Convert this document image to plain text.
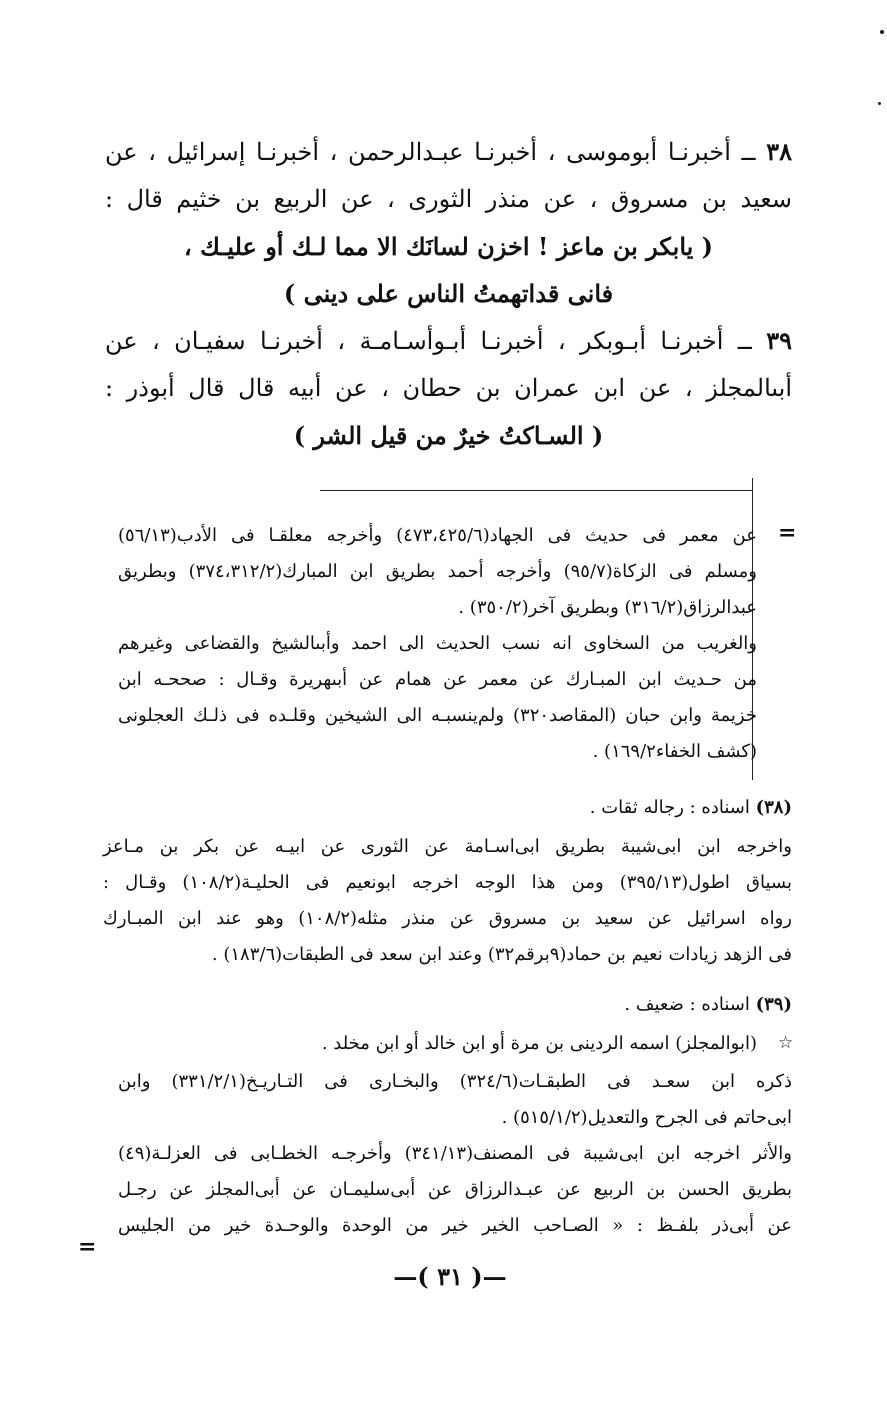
٣٨ ــ أخبرنـا أبوموسى ، أخبرنـا عبـدالرحمن ، أخبرنـا إسرائيل ، عن
سعيد بن مسروق ، عن منذر الثورى ، عن الربيع بن خثيم قال :
( يابكر بن ماعز ! اخزن لسانَك الا مما لـك أو عليـك ،
فانى قداتهمتُ الناس على دينى )
٣٩ ــ أخبرنـا أبـوبكر ، أخبرنـا أبـوأسـامـة ، أخبرنـا سفيـان ، عن
أبىالمجلز ، عن ابن عمران بن حطان ، عن أبيه قال قال أبوذر :
( السـاكتُ خيرٌ من قيل الشر )
=
=
عن معمر فى حديث فى الجهاد(٤٧٣،٤٢٥/٦) وأخرجه معلقـا فى الأدب(٥٦/١٣)
ومسلم فى الزكاة(٩٥/٧) وأخرجه أحمد بطريق ابن المبارك(٣٧٤،٣١٢/٢) وبطريق
عبدالرزاق(٣١٦/٢) وبطريق آخر(٣٥٠/٢) .
والغريب من السخاوى انه نسب الحديث الى احمد وأبىالشيخ والقضاعى وغيرهم
من حـديث ابن المبـارك عن معمر عن همام عن أبىهريرة وقـال : صححـه ابن
خزيمة وابن حبان (المقاصد٣٢٠) ولم‌ينسبـه الى الشيخين وقلـده فى ذلـك العجلونى
(كشف الخفاء١٦٩/٢) .
(٣٨) اسناده : رجاله ثقات .
واخرجه ابن ابى‌شيبة بطريق ابى‌اسـامة عن الثورى عن ابيـه عن بكر بن مـاعز
بسياق اطول(٣٩٥/١٣) ومن هذا الوجه اخرجه ابونعيم فى الحليـة(١٠٨/٢) وقـال :
رواه اسرائيل عن سعيد بن مسروق عن منذر مثله(١٠٨/٢) وهو عند ابن المبـارك
فى الزهد زيادات نعيم بن حماد(٩برقم٣٢) وعند ابن سعد فى الطبقات(١٨٣/٦) .
(٣٩) اسناده : ضعيف .
☆
(ابوالمجلز) اسمه الردينى بن مرة أو ابن خالد أو ابن مخلد .
ذكره ابن سعـد فى الطبقـات(٣٢٤/٦) والبخـارى فى التـاريـخ(٣٣١/٢/١) وابن
ابى‌حاتم فى الجرح والتعديل(٥١٥/١/٢) .
والأثر اخرجه ابن ابى‌شيبة فى المصنف(٣٤١/١٣) وأخرجـه الخطـابى فى العزلـة(٤٩)
بطريق الحسن بن الربيع عن عبـدالرزاق عن أبى‌سليمـان عن أبى‌المجلز عن رجـل
عن أبى‌ذر بلفـظ : « الصـاحب الخير خير من الوحدة والوحـدة خير من الجليس
—( ٣١ )—
